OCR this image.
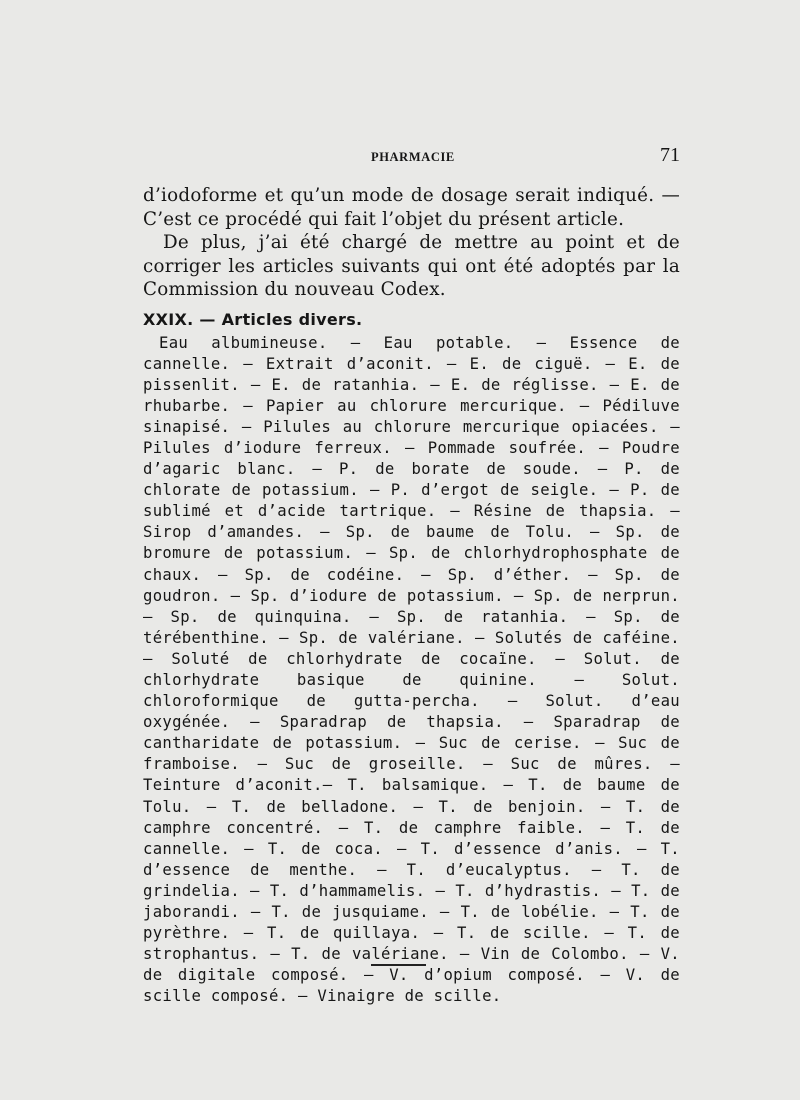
PHARMACIE	71

d’iodoforme et qu’un mode de dosage serait indiqué. — C’est ce procédé qui fait l’objet du présent article.

De plus, j’ai été chargé de mettre au point et de corriger les articles suivants qui ont été adoptés par la Commission du nouveau Codex.

XXIX. — Articles divers.

Eau albumineuse. — Eau potable. — Essence de cannelle. — Extrait d’aconit. — E. de ciguë. — E. de pissenlit. — E. de ratanhia. — E. de réglisse. — E. de rhubarbe. — Papier au chlorure mercurique. — Pédiluve sinapisé. — Pilules au chlorure mercurique opiacées. — Pilules d’iodure ferreux. — Pommade soufrée. — Poudre d’agaric blanc. — P. de borate de soude. — P. de chlorate de potassium. — P. d’ergot de seigle. — P. de sublimé et d’acide tartrique. — Résine de thapsia. — Sirop d’amandes. — Sp. de baume de Tolu. — Sp. de bromure de potassium. — Sp. de chlorhydrophosphate de chaux. — Sp. de codéine. — Sp. d’éther. — Sp. de goudron. — Sp. d’iodure de potassium. — Sp. de nerprun. — Sp. de quinquina. — Sp. de ratanhia. — Sp. de térébenthine. — Sp. de valériane. — Solutés de caféine. — Soluté de chlorhydrate de cocaïne. — Solut. de chlorhydrate basique de quinine. — Solut. chloroformique de gutta-percha. — Solut. d’eau oxygénée. — Sparadrap de thapsia. — Sparadrap de cantharidate de potassium. — Suc de cerise. — Suc de framboise. — Suc de groseille. — Suc de mûres. — Teinture d’aconit.— T. balsamique. — T. de baume de Tolu. — T. de belladone. — T. de benjoin. — T. de camphre concentré. — T. de camphre faible. — T. de cannelle. — T. de coca. — T. d’essence d’anis. — T. d’essence de menthe. — T. d’eucalyptus. — T. de grindelia. — T. d’hammamelis. — T. d’hydrastis. — T. de jaborandi. — T. de jusquiame. — T. de lobélie. — T. de pyrèthre. — T. de quillaya. — T. de scille. — T. de strophantus. — T. de valériane. — Vin de Colombo. — V. de digitale composé. — V. d’opium composé. — V. de scille composé. — Vinaigre de scille.
